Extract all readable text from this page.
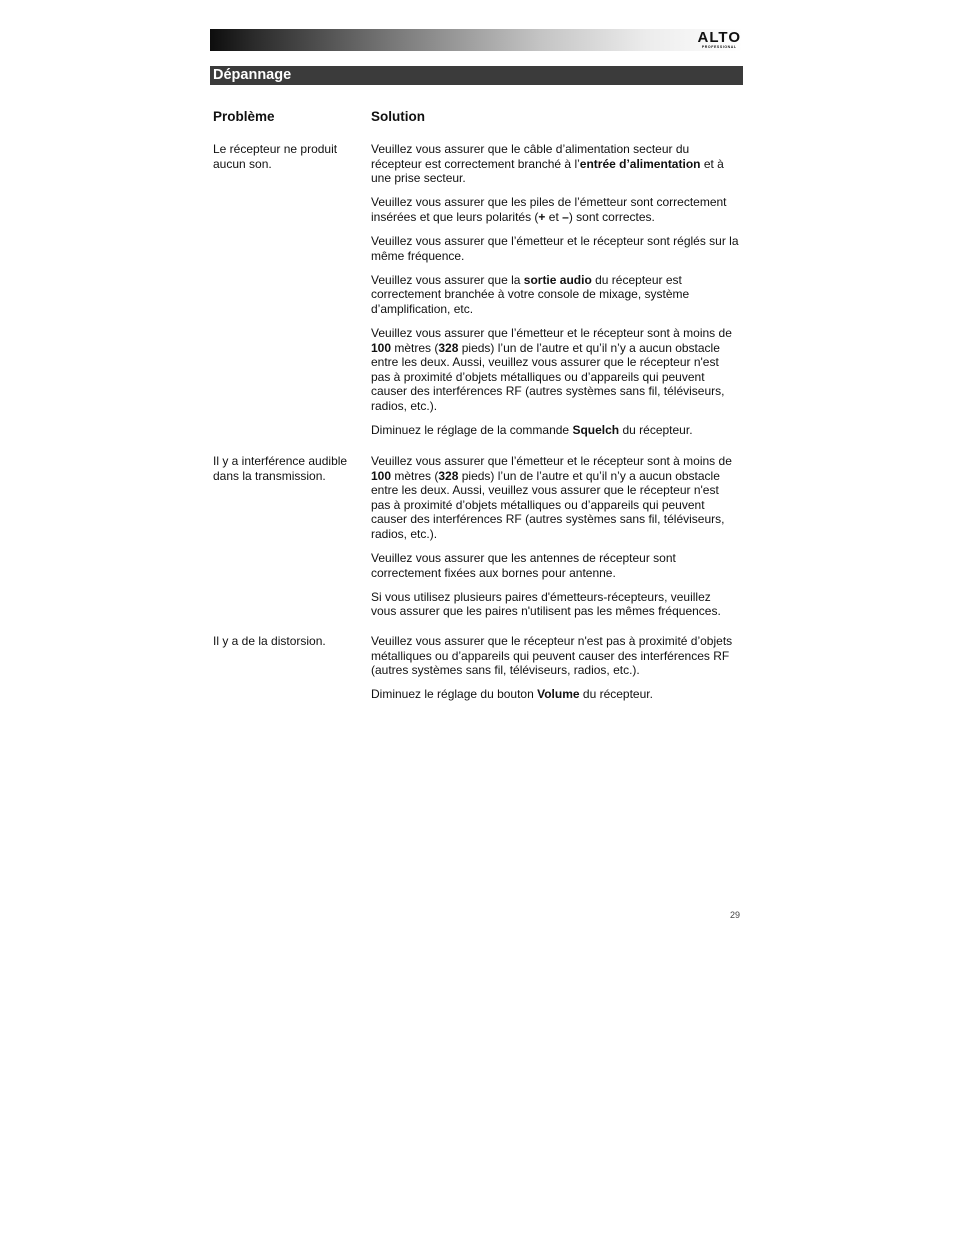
ALTO
PROFESSIONAL
Dépannage
Problème	Solution
Le récepteur ne produit aucun son.

Veuillez vous assurer que le câble d’alimentation secteur du récepteur est correctement branché à l’entrée d’alimentation et à une prise secteur.

Veuillez vous assurer que les piles de l’émetteur sont correctement insérées et que leurs polarités (+ et –) sont correctes.

Veuillez vous assurer que l’émetteur et le récepteur sont réglés sur la même fréquence.

Veuillez vous assurer que la sortie audio du récepteur est correctement branchée à votre console de mixage, système d’amplification, etc.

Veuillez vous assurer que l’émetteur et le récepteur sont à moins de 100 mètres (328 pieds) l’un de l’autre et qu’il n’y a aucun obstacle entre les deux. Aussi, veuillez vous assurer que le récepteur n'est pas à proximité d’objets métalliques ou d’appareils qui peuvent causer des interférences RF (autres systèmes sans fil, téléviseurs, radios, etc.).

Diminuez le réglage de la commande Squelch du récepteur.

Il y a interférence audible dans la transmission.

Veuillez vous assurer que l’émetteur et le récepteur sont à moins de 100 mètres (328 pieds) l’un de l’autre et qu’il n’y a aucun obstacle entre les deux. Aussi, veuillez vous assurer que le récepteur n'est pas à proximité d’objets métalliques ou d’appareils qui peuvent causer des interférences RF (autres systèmes sans fil, téléviseurs, radios, etc.).

Veuillez vous assurer que les antennes de récepteur sont correctement fixées aux bornes pour antenne.

Si vous utilisez plusieurs paires d'émetteurs-récepteurs, veuillez vous assurer que les paires n'utilisent pas les mêmes fréquences.

Il y a de la distorsion.	Veuillez vous assurer que le récepteur n'est pas à proximité d’objets métalliques ou d’appareils qui peuvent causer des interférences RF (autres systèmes sans fil, téléviseurs, radios, etc.).

Diminuez le réglage du bouton Volume du récepteur.

29
